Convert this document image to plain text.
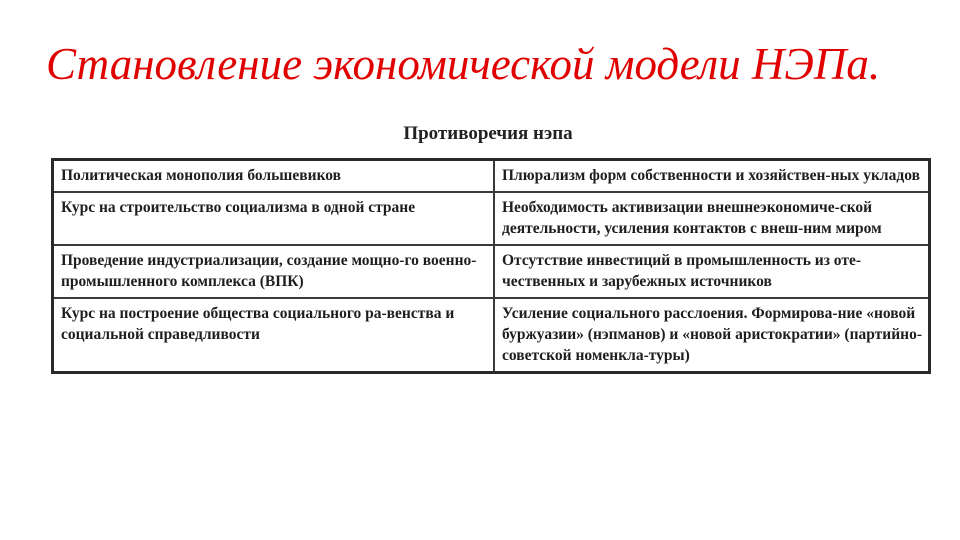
Становление экономической модели НЭПа.
Противоречия нэпа
Политическая монополия большевиков	Плюрализм форм собственности и хозяйствен-ных укладов
Курс на строительство социализма в одной стране	Необходимость активизации внешнеэкономиче-ской деятельности, усиления контактов с внеш-ним миром
Проведение индустриализации, создание мощно-го военно-промышленного комплекса (ВПК)	Отсутствие инвестиций в промышленность из оте-чественных и зарубежных источников
Курс на построение общества социального ра-венства и социальной справедливости	Усиление социального расслоения. Формирова-ние «новой буржуазии» (нэпманов) и «новой аристократии» (партийно-советской номенкла-туры)
